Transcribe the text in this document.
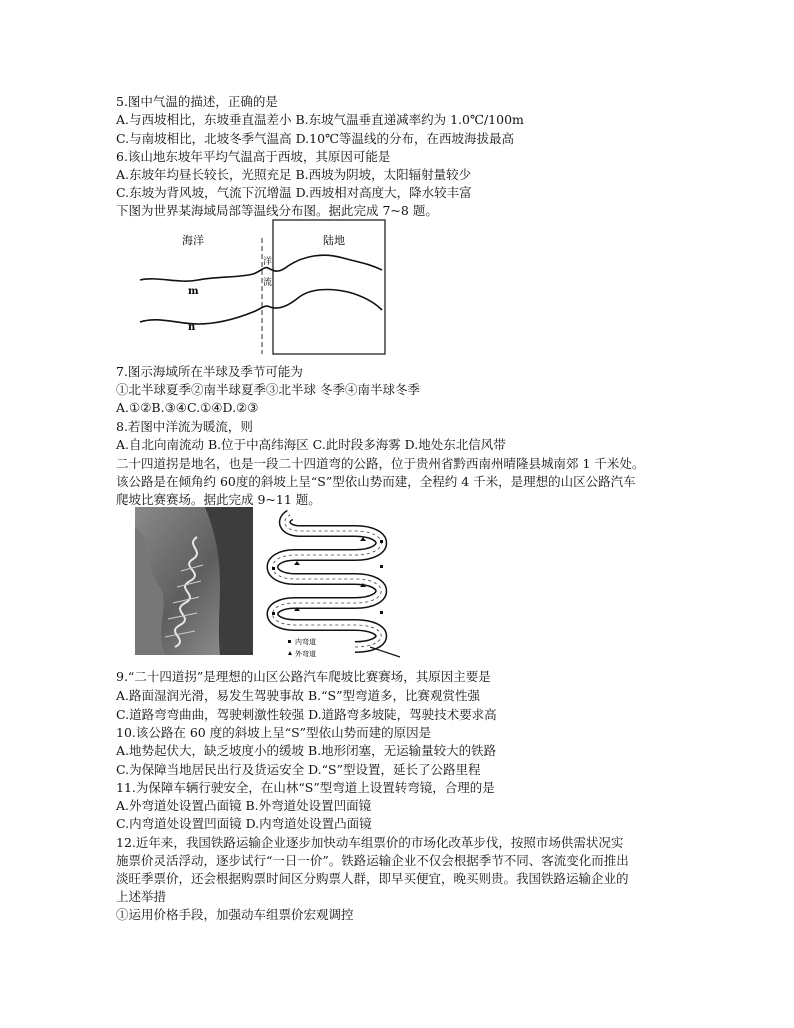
5.图中气温的描述，正确的是
A.与西坡相比，东坡垂直温差小 B.东坡气温垂直递减率约为 1.0℃/100m
C.与南坡相比，北坡冬季气温高 D.10℃等温线的分布，在西坡海拔最高
6.该山地东坡年平均气温高于西坡，其原因可能是
A.东坡年均昼长较长，光照充足 B.西坡为阴坡，太阳辐射量较少
C.东坡为背风坡，气流下沉增温 D.西坡相对高度大，降水较丰富
下图为世界某海域局部等温线分布图。据此完成 7~8 题。
海洋	陆地
洋
流
m
n
7.图示海域所在半球及季节可能为
①北半球夏季②南半球夏季③北半球 冬季④南半球冬季
A.①②B.③④C.①④D.②③
8.若图中洋流为暖流，则
A.自北向南流动 B.位于中高纬海区 C.此时段多海雾 D.地处东北信风带
二十四道拐是地名，也是一段二十四道弯的公路，位于贵州省黔西南州晴隆县城南郊 1 千米处。
该公路是在倾角约 60度的斜坡上呈“S”型依山势而建，全程约 4 千米，是理想的山区公路汽车
爬坡比赛赛场。据此完成 9~11 题。
内弯道
外弯道
9.“二十四道拐”是理想的山区公路汽车爬坡比赛赛场，其原因主要是
A.路面湿润光滑，易发生驾驶事故 B.“S”型弯道多，比赛观赏性强
C.道路弯弯曲曲，驾驶刺激性较强 D.道路弯多坡陡，驾驶技术要求高
10.该公路在 60 度的斜坡上呈“S”型依山势而建的原因是
A.地势起伏大，缺乏坡度小的缓坡 B.地形闭塞，无运输量较大的铁路
C.为保障当地居民出行及货运安全 D.“S”型设置，延长了公路里程
11.为保障车辆行驶安全，在山林“S”型弯道上设置转弯镜，合理的是
A.外弯道处设置凸面镜 B.外弯道处设置凹面镜
C.内弯道处设置凹面镜 D.内弯道处设置凸面镜
12.近年来，我国铁路运输企业逐步加快动车组票价的市场化改革步伐，按照市场供需状况实
施票价灵活浮动，逐步试行“一日一价”。铁路运输企业不仅会根据季节不同、客流变化而推出
淡旺季票价，还会根据购票时间区分购票人群，即早买便宜，晚买则贵。我国铁路运输企业的
上述举措
①运用价格手段，加强动车组票价宏观调控
